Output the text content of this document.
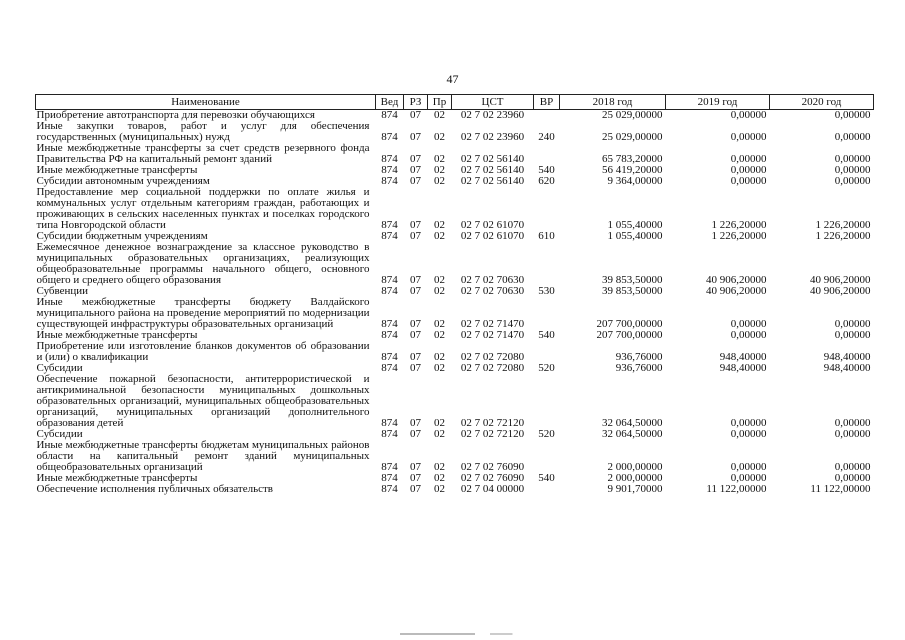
47
Наименование	Вед	РЗ	Пр	ЦСТ	ВР	2018 год	2019 год	2020 год
Приобретение автотранспорта для перевозки обучающихся	874	07	02	02 7 02 23960		25 029,00000	0,00000	0,00000
Иные закупки товаров, работ и услуг для обеспечения государственных (муниципальных) нужд	874	07	02	02 7 02 23960	240	25 029,00000	0,00000	0,00000
Иные межбюджетные трансферты за счет средств резервного фонда Правительства РФ на капитальный ремонт зданий	874	07	02	02 7 02 56140		65 783,20000	0,00000	0,00000
Иные межбюджетные трансферты	874	07	02	02 7 02 56140	540	56 419,20000	0,00000	0,00000
Субсидии автономным учреждениям	874	07	02	02 7 02 56140	620	9 364,00000	0,00000	0,00000
Предоставление мер социальной поддержки по оплате жилья и коммунальных услуг отдельным категориям граждан, работающих и проживающих в сельских населенных пунктах и поселках городского типа Новгородской области	874	07	02	02 7 02 61070		1 055,40000	1 226,20000	1 226,20000
Субсидии бюджетным учреждениям	874	07	02	02 7 02 61070	610	1 055,40000	1 226,20000	1 226,20000
Ежемесячное денежное вознаграждение за классное руководство в муниципальных образовательных организациях, реализующих общеобразовательные программы начального общего, основного общего и среднего общего образования	874	07	02	02 7 02 70630		39 853,50000	40 906,20000	40 906,20000
Субвенции	874	07	02	02 7 02 70630	530	39 853,50000	40 906,20000	40 906,20000
Иные межбюджетные трансферты бюджету Валдайского муниципального района на проведение мероприятий по модернизации существующей инфраструктуры образовательных организаций	874	07	02	02 7 02 71470		207 700,00000	0,00000	0,00000
Иные межбюджетные трансферты	874	07	02	02 7 02 71470	540	207 700,00000	0,00000	0,00000
Приобретение или изготовление бланков документов об образовании и (или) о квалификации	874	07	02	02 7 02 72080		936,76000	948,40000	948,40000
Субсидии	874	07	02	02 7 02 72080	520	936,76000	948,40000	948,40000
Обеспечение пожарной безопасности, антитеррористической и антикриминальной безопасности муниципальных дошкольных образовательных организаций, муниципальных общеобразовательных организаций, муниципальных организаций дополнительного образования детей	874	07	02	02 7 02 72120		32 064,50000	0,00000	0,00000
Субсидии	874	07	02	02 7 02 72120	520	32 064,50000	0,00000	0,00000
Иные межбюджетные трансферты бюджетам муниципальных районов области на капитальный ремонт зданий муниципальных общеобразовательных организаций	874	07	02	02 7 02 76090		2 000,00000	0,00000	0,00000
Иные межбюджетные трансферты	874	07	02	02 7 02 76090	540	2 000,00000	0,00000	0,00000
Обеспечение исполнения публичных обязательств	874	07	02	02 7 04 00000		9 901,70000	11 122,00000	11 122,00000
